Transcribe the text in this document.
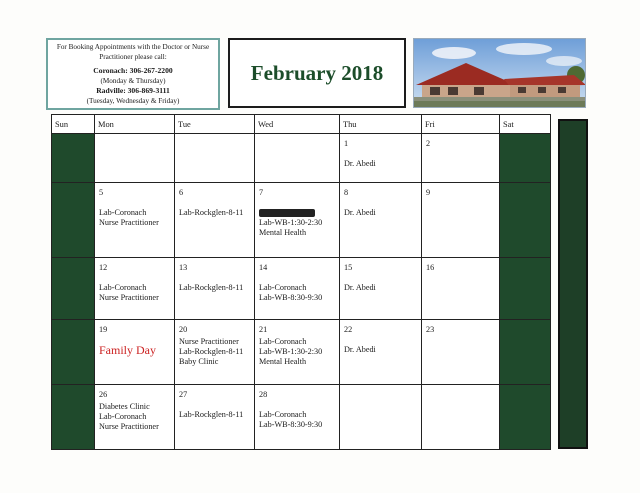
For Booking Appointments with the Doctor or Nurse Practitioner please call:
Coronach: 306-267-2200
(Monday & Thursday)
Radville: 306-869-3111
(Tuesday, Wednesday & Friday)
February 2018
Sun	Mon	Tue	Wed	Thu	Fri	Sat

				1
Dr. Abedi	2	

	5
Lab-Coronach
Nurse Practitioner	6
Lab-Rockglen-8-11	7
Lab-WB-1:30-2:30
Mental Health	8
Dr. Abedi	9	

	12
Lab-Coronach
Nurse Practitioner	13
Lab-Rockglen-8-11	14
Lab-Coronach
Lab-WB-8:30-9:30	15
Dr. Abedi	16	

	19
Family Day	20
Nurse Practitioner
Lab-Rockglen-8-11
Baby Clinic	21
Lab-Coronach
Lab-WB-1:30-2:30
Mental Health	22
Dr. Abedi	23	

	26
Diabetes Clinic
Lab-Coronach
Nurse Practitioner	27
Lab-Rockglen-8-11	28
Lab-Coronach
Lab-WB-8:30-9:30			
